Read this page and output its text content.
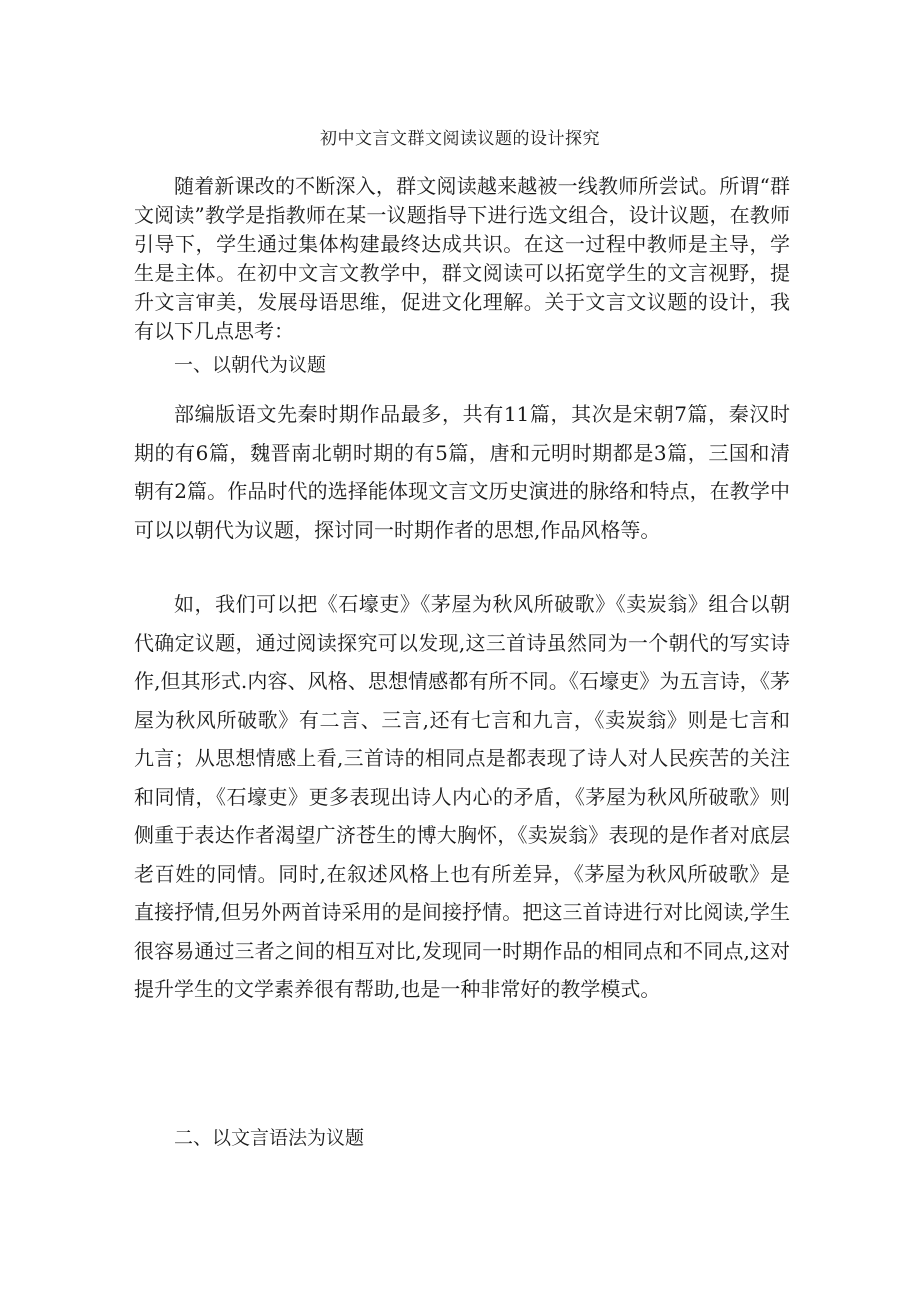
初中文言文群文阅读议题的设计探究

随着新课改的不断深入，群文阅读越来越被一线教师所尝试。所谓“群文阅读”教学是指教师在某一议题指导下进行选文组合，设计议题，在教师引导下，学生通过集体构建最终达成共识。在这一过程中教师是主导，学生是主体。在初中文言文教学中，群文阅读可以拓宽学生的文言视野，提升文言审美，发展母语思维，促进文化理解。关于文言文议题的设计，我有以下几点思考：

一、以朝代为议题

部编版语文先秦时期作品最多，共有11篇，其次是宋朝7篇，秦汉时期的有6篇，魏晋南北朝时期的有5篇，唐和元明时期都是3篇，三国和清朝有2篇。作品时代的选择能体现文言文历史演进的脉络和特点，在教学中可以以朝代为议题，探讨同一时期作者的思想,作品风格等。

如，我们可以把《石壕吏》《茅屋为秋风所破歌》《卖炭翁》组合以朝代确定议题，通过阅读探究可以发现,这三首诗虽然同为一个朝代的写实诗作,但其形式.内容、风格、思想情感都有所不同。《石壕吏》为五言诗，《茅屋为秋风所破歌》有二言、三言,还有七言和九言，《卖炭翁》则是七言和九言；从思想情感上看,三首诗的相同点是都表现了诗人对人民疾苦的关注和同情，《石壕吏》更多表现出诗人内心的矛盾，《茅屋为秋风所破歌》则侧重于表达作者渴望广济苍生的博大胸怀，《卖炭翁》表现的是作者对底层老百姓的同情。同时,在叙述风格上也有所差异，《茅屋为秋风所破歌》是直接抒情,但另外两首诗采用的是间接抒情。把这三首诗进行对比阅读,学生很容易通过三者之间的相互对比,发现同一时期作品的相同点和不同点,这对提升学生的文学素养很有帮助,也是一种非常好的教学模式。

二、以文言语法为议题
